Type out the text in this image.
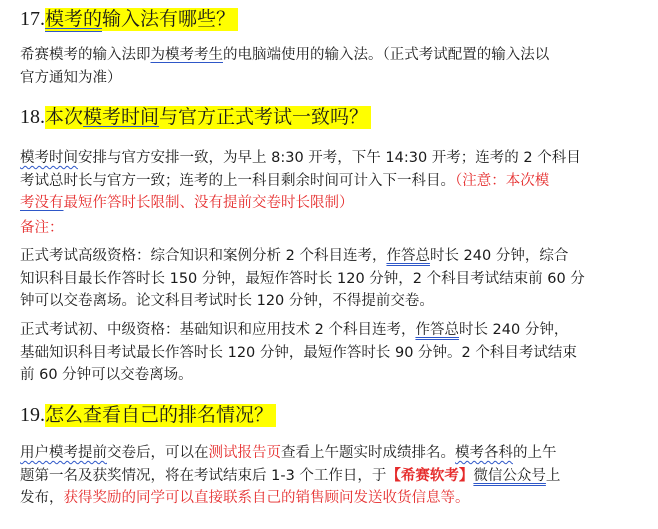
17.模考的输入法有哪些？

希赛模考的输入法即为模考考生的电脑端使用的输入法。（正式考试配置的输入法以
官方通知为准）

18.本次模考时间与官方正式考试一致吗？

模考时间安排与官方安排一致，为早上 8:30 开考，下午 14:30 开考；连考的 2 个科目
考试总时长与官方一致；连考的上一科目剩余时间可计入下一科目。（注意：本次模
考没有最短作答时长限制、没有提前交卷时长限制）

备注：

正式考试高级资格：综合知识和案例分析 2 个科目连考，作答总时长 240 分钟，综合
知识科目最长作答时长 150 分钟，最短作答时长 120 分钟，2 个科目考试结束前 60 分
钟可以交卷离场。论文科目考试时长 120 分钟，不得提前交卷。

正式考试初、中级资格：基础知识和应用技术 2 个科目连考，作答总时长 240 分钟，
基础知识科目考试最长作答时长 120 分钟，最短作答时长 90 分钟。2 个科目考试结束
前 60 分钟可以交卷离场。

19.怎么查看自己的排名情况？

用户模考提前交卷后，可以在测试报告页查看上午题实时成绩排名。模考各科的上午
题第一名及获奖情况，将在考试结束后 1-3 个工作日，于【希赛软考】微信公众号上
发布，获得奖励的同学可以直接联系自己的销售顾问发送收货信息等。
